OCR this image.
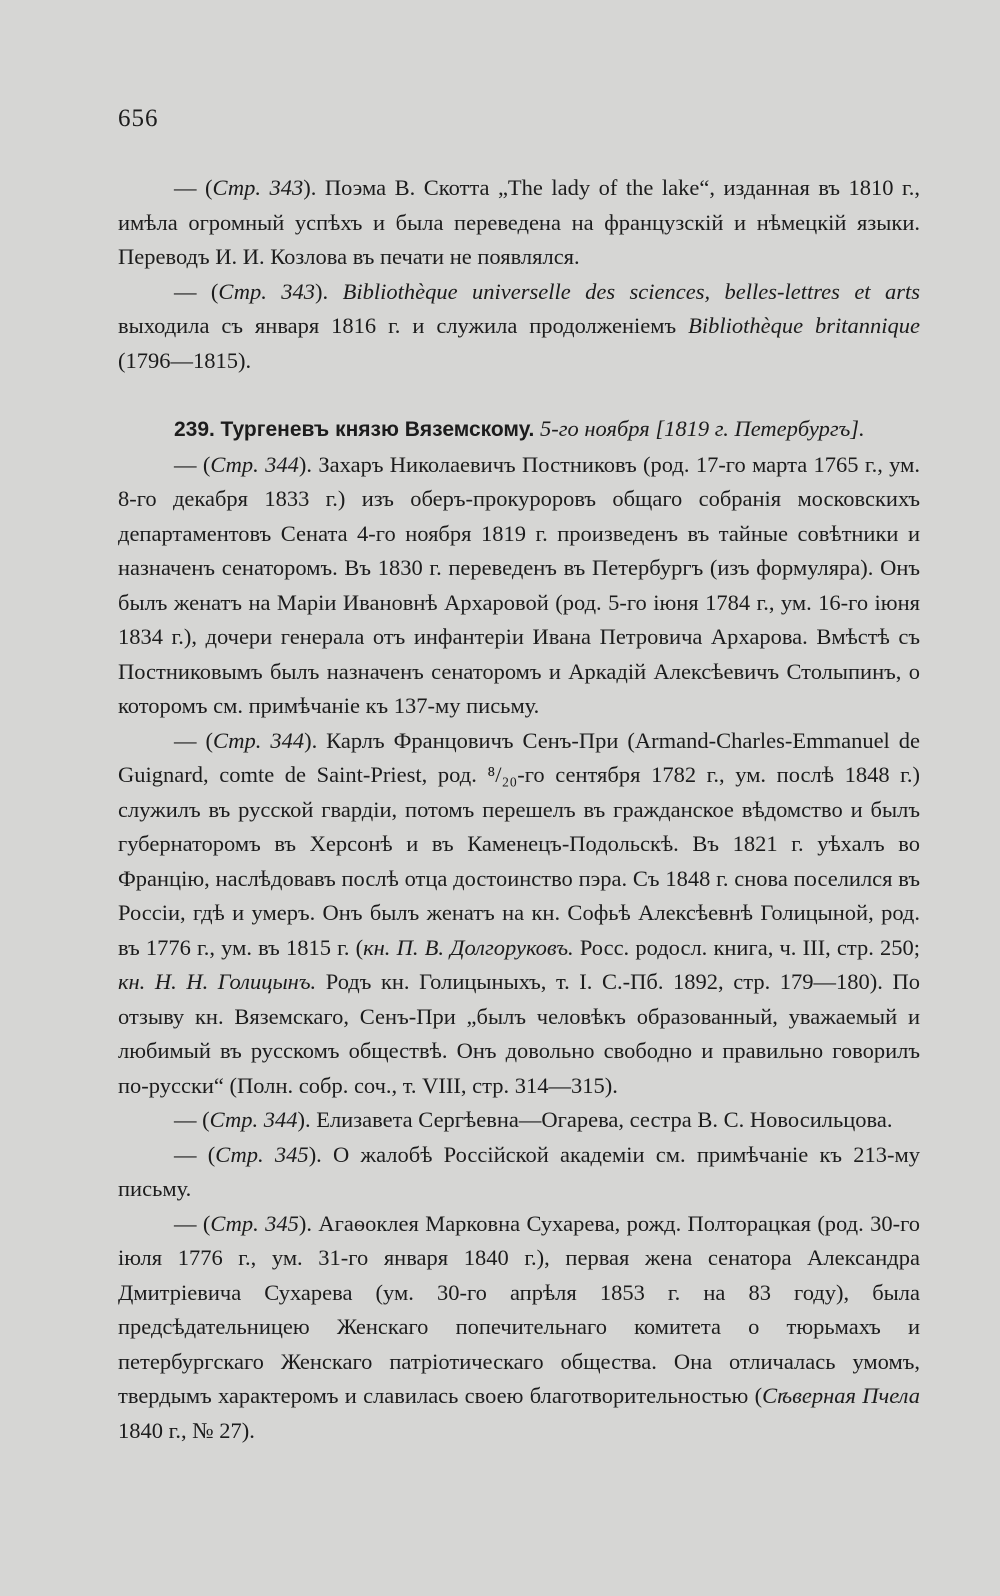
656

— (Стр. 343). Поэма В. Скотта „The lady of the lake“, изданная въ 1810 г., имѣла огромный успѣхъ и была переведена на французскій и нѣмецкій языки. Переводъ И. И. Козлова въ печати не появлялся.

— (Стр. 343). Bibliothèque universelle des sciences, belles-lettres et arts выходила съ января 1816 г. и служила продолженіемъ Bibliothèque britannique (1796—1815).

239. Тургеневъ князю Вяземскому. 5-го ноября [1819 г. Петербургъ].

— (Стр. 344). Захаръ Николаевичъ Постниковъ (род. 17-го марта 1765 г., ум. 8-го декабря 1833 г.) изъ оберъ-прокуроровъ общаго собранія московскихъ департаментовъ Сената 4-го ноября 1819 г. произведенъ въ тайные совѣтники и назначенъ сенаторомъ. Въ 1830 г. переведенъ въ Петербургъ (изъ формуляра). Онъ былъ женатъ на Маріи Ивановнѣ Архаровой (род. 5-го іюня 1784 г., ум. 16-го іюня 1834 г.), дочери генерала отъ инфантеріи Ивана Петровича Архарова. Вмѣстѣ съ Постниковымъ былъ назначенъ сенаторомъ и Аркадій Алексѣевичъ Столыпинъ, о которомъ см. примѣчаніе къ 137-му письму.

— (Стр. 344). Карлъ Францовичъ Сенъ-При (Armand-Charles-Emmanuel de Guignard, comte de Saint-Priest, род. ⁸/₂₀-го сентября 1782 г., ум. послѣ 1848 г.) служилъ въ русской гвардіи, потомъ перешелъ въ гражданское вѣдомство и былъ губернаторомъ въ Херсонѣ и въ Каменецъ-Подольскѣ. Въ 1821 г. уѣхалъ во Францію, наслѣдовавъ послѣ отца достоинство пэра. Съ 1848 г. снова поселился въ Россіи, гдѣ и умеръ. Онъ былъ женатъ на кн. Софьѣ Алексѣевнѣ Голицыной, род. въ 1776 г., ум. въ 1815 г. (кн. П. В. Долгоруковъ. Росс. родосл. книга, ч. III, стр. 250; кн. Н. Н. Голицынъ. Родъ кн. Голицыныхъ, т. I. С.-Пб. 1892, стр. 179—180). По отзыву кн. Вяземскаго, Сенъ-При „былъ человѣкъ образованный, уважаемый и любимый въ русскомъ обществѣ. Онъ довольно свободно и правильно говорилъ по-русски“ (Полн. собр. соч., т. VIII, стр. 314—315).

— (Стр. 344). Елизавета Сергѣевна—Огарева, сестра В. С. Новосильцова.

— (Стр. 345). О жалобѣ Россійской академіи см. примѣчаніе къ 213-му письму.

— (Стр. 345). Агаѳоклея Марковна Сухарева, рожд. Полторацкая (род. 30-го іюля 1776 г., ум. 31-го января 1840 г.), первая жена сенатора Александра Дмитріевича Сухарева (ум. 30-го апрѣля 1853 г. на 83 году), была предсѣдательницею Женскаго попечительнаго комитета о тюрьмахъ и петербургскаго Женскаго патріотическаго общества. Она отличалась умомъ, твердымъ характеромъ и славилась своею благотворительностью (Сѣверная Пчела 1840 г., № 27).
